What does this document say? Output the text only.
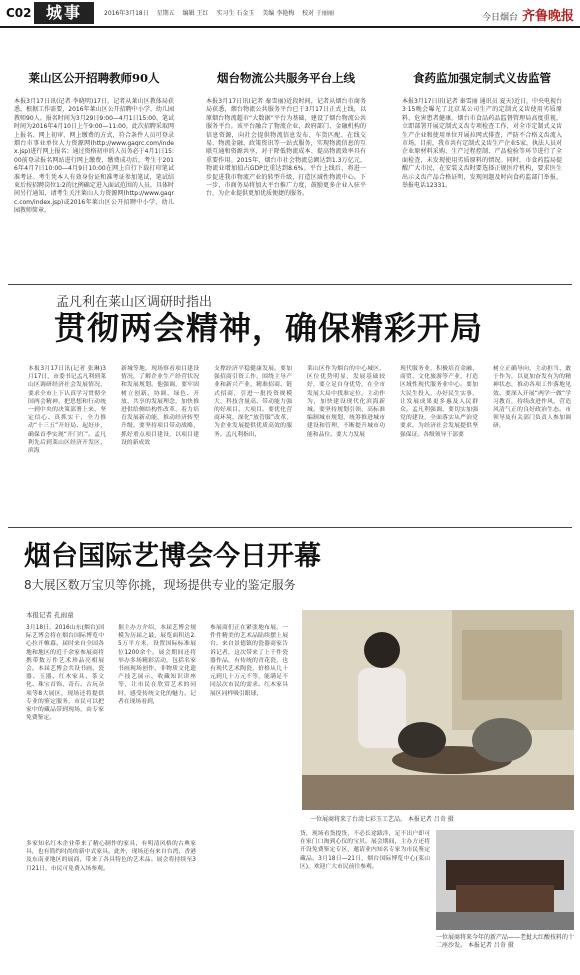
C02 城事	2016年3月18日 星期五 编辑 王红 实习生 石金玉 美编 李艳梅 校对 于丽丽	今日烟台 齐鲁晚报
莱山区公开招聘教师90人
本报3月17日讯(记者 李晓明)17日，记者从莱山区教体局获悉，根据工作需要，2016年莱山区公开招聘中小学、幼儿园教师90人。报名时间为3月29日9:00—4月1日15:00，笔试时间为2016年4月10日上午9:00—11:00。此次招聘采取网上报名、网上初审、网上缴费的方式，符合条件人员可登录烟台市事业单位人力资源网(http://www.gaqrc.com/index.jsp)进行网上报名；通过资格初审的人员务必于4月1日15:00前登录报名网站进行网上缴费，缴费成功后，考生于2016年4月7日10:00—4月9日10:00在网上自行下载打印笔试准考证。考生凭本人有效身份证和准考证参加笔试，笔试结束后按招聘岗位1:2的比例确定进入面试范围的人员，具体时间另行通知，请考生关注莱山人力资源网(http://www.gaqrc.com/index.jsp)或2016年莱山区公开招聘中小学、幼儿园教师简章。
烟台物流公共服务平台上线
本报3月17日讯(记者 秦雪丽)近段时间，记者从烟台市商务局获悉，烟台物流公共服务平台已于3月17日正式上线，以原烟台物流超市“大数据”平台为基础，建设了烟台物流公共服务平台。该平台融合了物流企业、政府部门、金融机构的信息资源，向社会提供物流信息发布、车货匹配、在线交易、物流金融、政策资讯等一站式服务，实现物流信息的互联互通和资源共享，对于降低物流成本、提高物流效率具有重要作用。2015年，烟台市社会物流总额达到1.3万亿元，物流业增加值占GDP比重达到8.6%。平台上线后，将进一步促进我市物流产业的转型升级，打造区域性物流中心。下一步，市商务局将加大平台推广力度，鼓励更多企业入驻平台，为企业提供更加优质便捷的服务。
食药监加强定制式义齿监管
本报3月17日讯(记者 秦雪丽 通讯员 夏天)近日，中央电视台3·15晚会曝光了北京某公司生产的定制式义齿使用劣质原料，危害患者健康。烟台市食品药品监督管理局高度重视，立即部署开展定制式义齿专项检查工作，对全市定制式义齿生产企业和使用单位开展拉网式排查，严防不合格义齿流入市场。目前，我市共有定制式义齿生产企业5家，执法人员对企业原材料采购、生产过程控制、产品检验等环节进行了全面检查，未发现使用劣质原料的情况。同时，市食药监局提醒广大市民，在安装义齿时要选择正规医疗机构，要求医生出示义齿产品合格证明，发现问题及时向食药监部门举报，举报电话12331。
孟凡利在莱山区调研时指出
贯彻两会精神，确保精彩开局
本报3月17日讯(记者 张琳)3月17日，市委书记孟凡利到莱山区调研经济社会发展情况，要求全市上下认真学习贯彻全国两会精神，把思想和行动统一到中央的决策部署上来，坚定信心、真抓实干，全力推动“十三五”开好局、起好步，确保首季实现“开门红”。孟凡利先后到莱山区经济开发区、滨海
新城等地，现场察看项目建设情况，了解企业生产经营状况和发展规划。他强调，要牢固树立创新、协调、绿色、开放、共享的发展理念，加快推进供给侧结构性改革，着力培育发展新动能，推动经济转型升级。要坚持项目带动战略，抓好重点项目建设，以项目建设的新成效
支撑经济平稳健康发展。要加强招商引资工作，围绕主导产业和新兴产业，精准招商、链式招商，引进一批投资规模大、科技含量高、带动能力强的好项目、大项目。要优化营商环境，深化“放管服”改革，为企业发展提供优质高效的服务。孟凡利指出，
莱山区作为烟台的中心城区，区位优势明显，发展基础较好，要立足自身优势，在全市发展大局中找准定位，主动作为，加快建设现代化滨海新城。要坚持规划引领，高标准编制城市规划，统筹推进城市建设和管理，不断提升城市功能和品位。要大力发展
现代服务业，积极培育金融、商贸、文化旅游等产业，打造区域性现代服务业中心。要加大民生投入，办好民生实事，让发展成果更多惠及人民群众。孟凡利强调，要切实加强党的建设，全面落实从严治党要求，为经济社会发展提供坚强保证。各级领导干部要
树立正确导向，主动担当、敢于作为，以更加奋发有为的精神状态，推动各项工作落地见效。要深入开展“两学一做”学习教育，持续改进作风，营造风清气正的良好政治生态。市领导及有关部门负责人参加调研。
烟台国际艺博会今日开幕
8大展区数万宝贝等你挑，现场提供专业的鉴定服务
本报记者 孔雨童
3月18日，2016山东(烟台)国际艺博会将在烟台国际博览中心拉开帷幕。届时来自全国各地和地区的近千余家参展商将携带数万件艺术珍品亮相展会。本届艺博会共设书画、瓷器、玉器、红木家具、茶文化、珠宝首饰、奇石、古玩杂项等8大展区，现场还将提供专业的鉴定服务，市民可以把家中的藏品带到现场，由专家免费鉴定。
据主办方介绍，本届艺博会规模为历届之最，展览面积达2.5万平方米，设置国际标准展位1200余个。展会期间还将举办多场精彩活动，包括名家书画现场创作、非物质文化遗产技艺展示、收藏知识讲座等，让市民在欣赏艺术的同时，感受传统文化的魅力。记者在现场看到，
参展商们正在紧张地布展，一件件精美的艺术品陆续摆上展台。来自景德镇的瓷器商家告诉记者，这次带来了上千件瓷器作品，有传统的青花瓷，也有现代艺术陶瓷，价格从几十元到几十万元不等，能满足不同层次市民的需求。红木家具展区同样吸引眼球，
多家知名红木企业带来了精心制作的家具，有明清风格的古典家具，也有简约时尚的新中式家具。此外，现场还有来自台湾、香港及东南亚地区的展商，带来了各具特色的艺术品。展会将持续至3月21日，市民可免费入场参观。
一位展商将来了台湾七彩玉工艺品。 本报记者 吕奇 摄
货，现场看货提货，不必长途跋涉，足不出户即可在家门口淘到心仪的宝贝。展会期间，主办方还将开设免费鉴定专区，邀请业内知名专家为市民鉴定藏品。3月18日—21日，烟台国际博览中心(莱山区)，欢迎广大市民前往参观。
一位展商将来今年的新产品——老挝大红酸枝料的十二座沙发。 本报记者 吕奇 摄
